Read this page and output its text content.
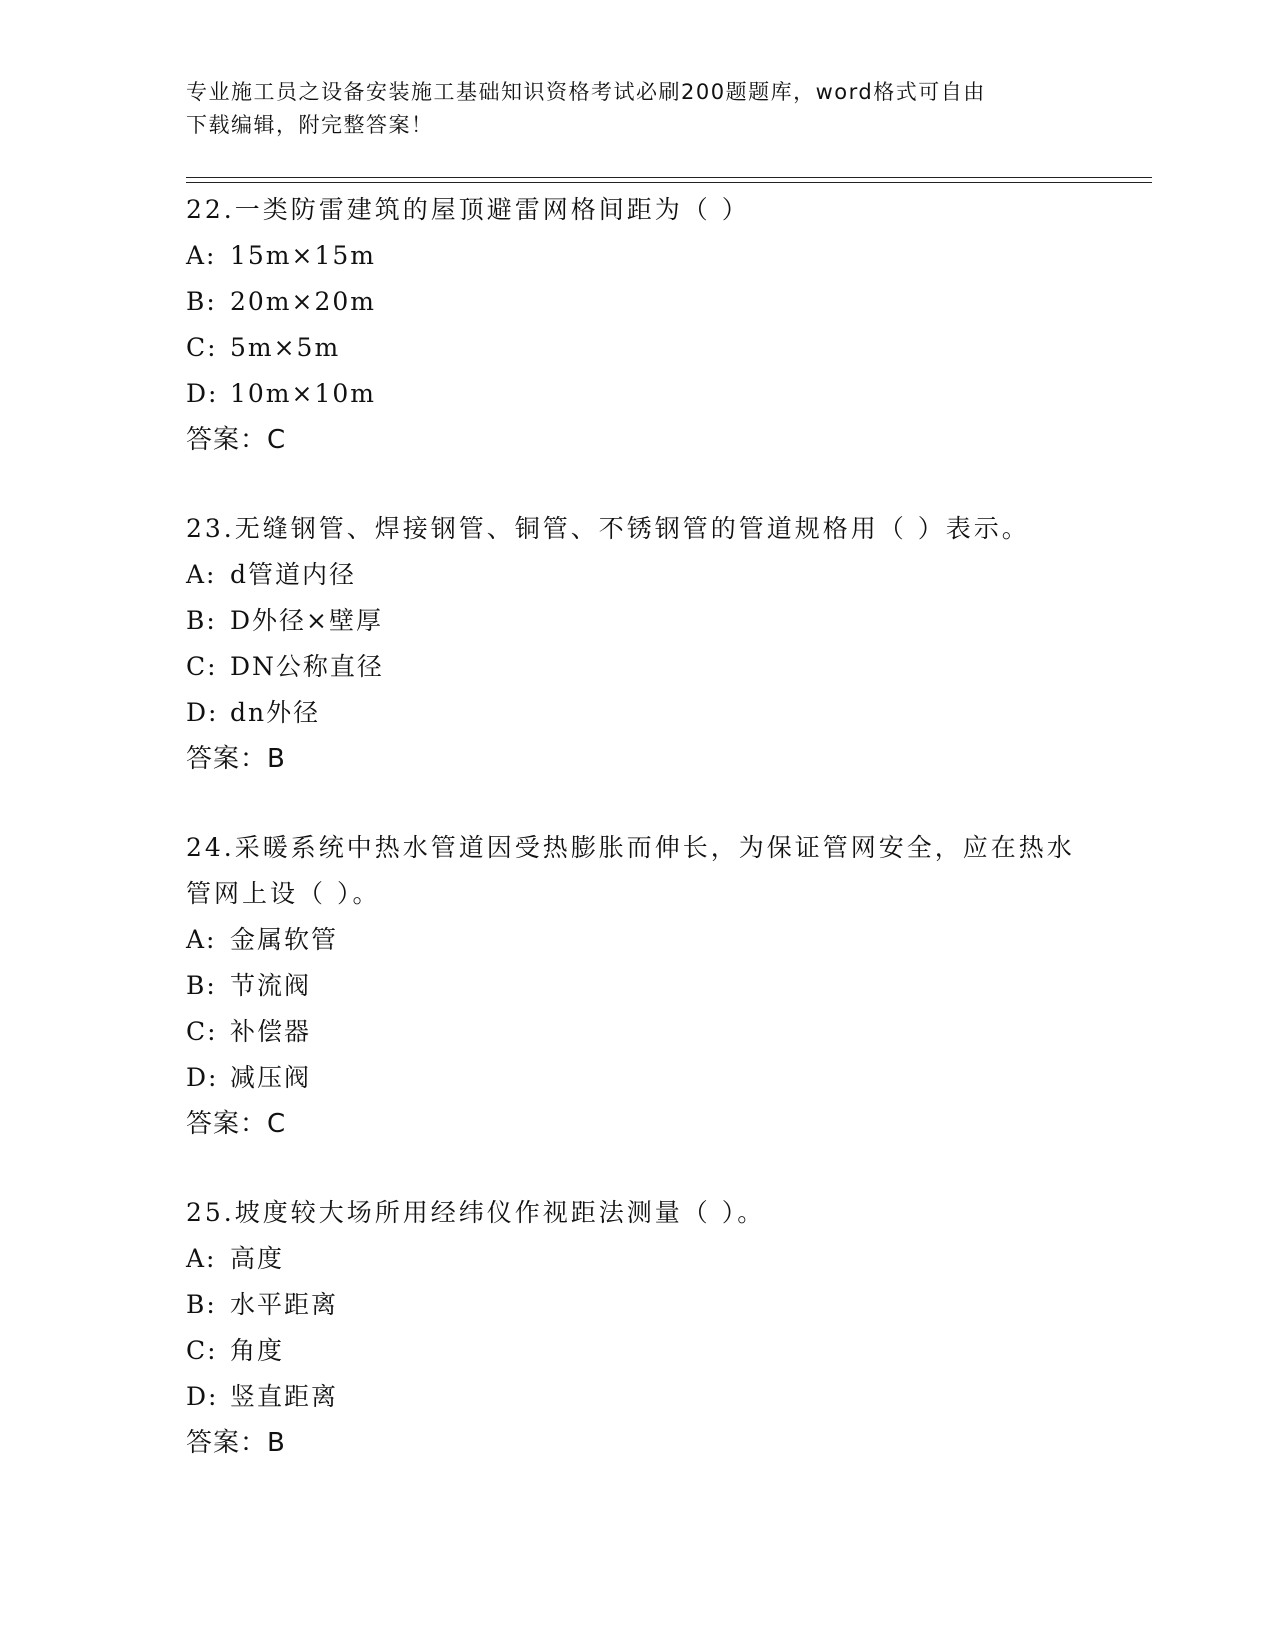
专业施工员之设备安装施工基础知识资格考试必刷200题题库，word格式可自由
下载编辑，附完整答案！
22.一类防雷建筑的屋顶避雷网格间距为（ ）
A: 15m×15m
B: 20m×20m
C: 5m×5m
D: 10m×10m
答案：C
23.无缝钢管、焊接钢管、铜管、不锈钢管的管道规格用（ ）表示。
A: d管道内径
B: D外径×壁厚
C: DN公称直径
D: dn外径
答案：B
24.采暖系统中热水管道因受热膨胀而伸长，为保证管网安全，应在热水管网上设（ ）。
A: 金属软管
B: 节流阀
C: 补偿器
D: 减压阀
答案：C
25.坡度较大场所用经纬仪作视距法测量（ ）。
A: 高度
B: 水平距离
C: 角度
D: 竖直距离
答案：B
